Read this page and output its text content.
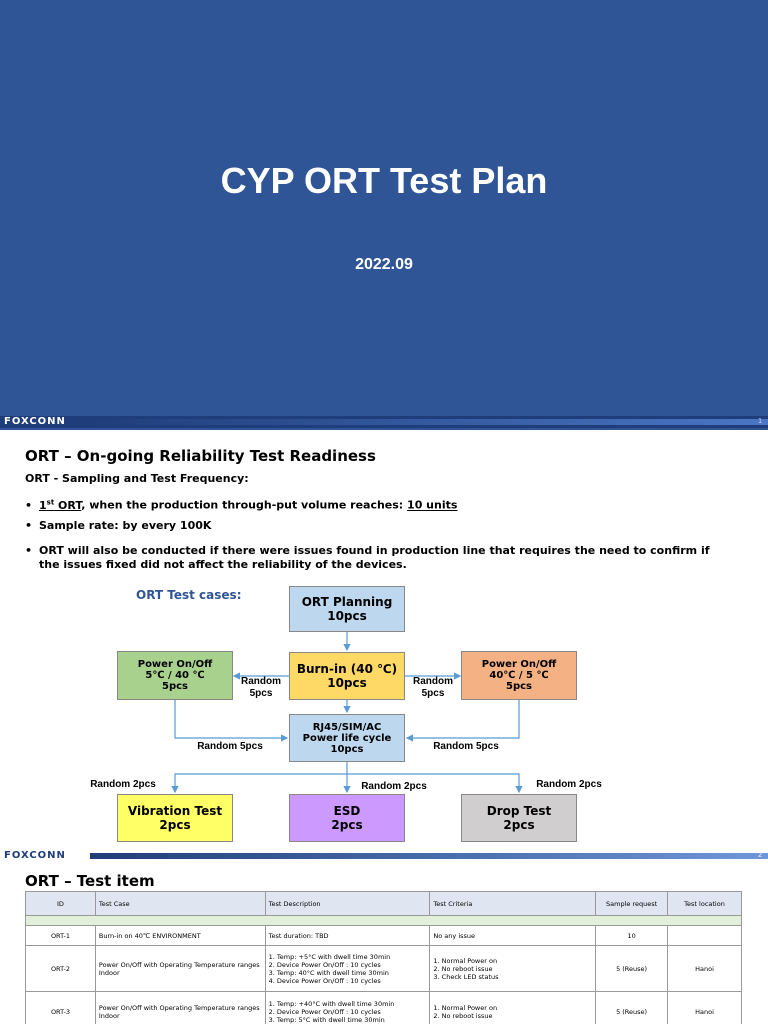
CYP ORT Test Plan
2022.09
FOXCONN	1
ORT – On-going Reliability Test Readiness
ORT - Sampling and Test Frequency:
• 1st ORT, when the production through-put volume reaches: 10 units
• Sample rate: by every 100K
• ORT will also be conducted if there were issues found in production line that requires the need to confirm if
the issues fixed did not affect the reliability of the devices.
ORT Test cases:	ORT Planning
10pcs
Burn-in (40 ℃)
10pcs
Power On/Off
5℃ / 40 ℃
5pcs
Power On/Off
40℃ / 5 ℃
5pcs
RJ45/SIM/AC
Power life cycle
10pcs
Vibration Test
2pcs
ESD
2pcs
Drop Test
2pcs
Random
5pcs
Random
5pcs
Random 5pcs	Random 5pcs
Random 2pcs	Random 2pcs	Random 2pcs
FOXCONN	2
ORT – Test item
ID	Test Case	Test Description	Test Criteria	Sample request	Test location

ORT-1	Burn-in on 40℃ ENVIRONMENT	Test duration: TBD	No any issue	10	
ORT-2	Power On/Off with Operating Temperature ranges Indoor	1. Temp: +5°C with dwell time 30min
2. Device Power On/Off : 10 cycles
3. Temp: 40°C with dwell time 30min
4. Device Power On/Off : 10 cycles	1. Normal Power on
2. No reboot issue
3. Check LED status	5 (Reuse)	Hanoi
ORT-3	Power On/Off with Operating Temperature ranges Indoor	1. Temp: +40°C with dwell time 30min
2. Device Power On/Off : 10 cycles
3. Temp: 5°C with dwell time 30min	1. Normal Power on
2. No reboot issue	5 (Reuse)	Hanoi
